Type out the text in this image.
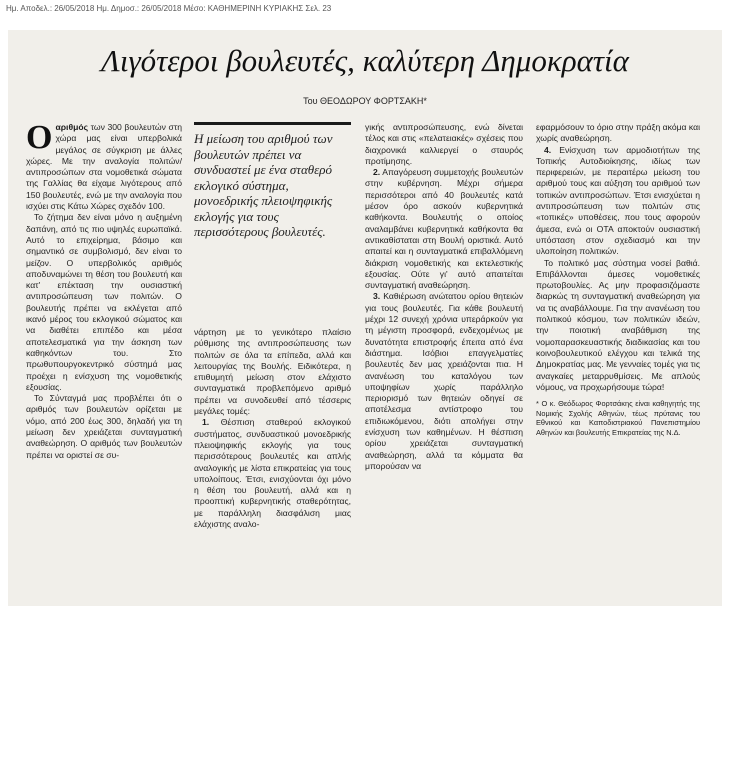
Ημ. Αποδελ.: 26/05/2018 Ημ. Δημοσ.: 26/05/2018 Μέσο: ΚΑΘΗΜΕΡΙΝΗ ΚΥΡΙΑΚΗΣ Σελ. 23
Λιγότεροι βουλευτές, καλύτερη Δημοκρατία
Του ΘΕΟΔΩΡΟΥ ΦΟΡΤΣΑΚΗ*

Οαριθμός των 300 βουλευτών στη χώρα μας είναι υπερβολικά μεγάλος σε σύγκριση με άλλες χώρες. Με την αναλογία πολιτών/αντιπροσώπων στα νομοθετικά σώματα της Γαλλίας θα είχαμε λιγότερους από 150 βουλευτές, ενώ με την αναλογία που ισχύει στις Κάτω Χώρες σχεδόν 100.

Το ζήτημα δεν είναι μόνο η αυξημένη δαπάνη, από τις πιο υψηλές ευρωπαϊκά. Αυτό το επιχείρημα, βάσιμο και σημαντικό σε συμβολισμό, δεν είναι το μείζον. Ο υπερβολικός αριθμός αποδυναμώνει τη θέση του βουλευτή και κατ' επέκταση την ουσιαστική αντιπροσώπευση των πολιτών. Ο βουλευτής πρέπει να εκλέγεται από ικανό μέρος του εκλογικού σώματος και να διαθέτει επιπέδο και μέσα αποτελεσματικά για την άσκηση των καθηκόντων του. Στο πρωθυπουργοκεντρικό σύστημά μας προέχει η ενίσχυση της νομοθετικής εξουσίας.

Το Σύνταγμά μας προβλέπει ότι ο αριθμός των βουλευτών ορίζεται με νόμο, από 200 έως 300, δηλαδή για τη μείωση δεν χρειάζεται συνταγματική αναθεώρηση. Ο αριθμός των βουλευτών πρέπει να οριστεί σε συ-

Η μείωση του αριθμού των βουλευτών πρέπει να συνδυαστεί με ένα σταθερό εκλογικό σύστημα, μονοεδρικής πλειοψηφικής εκλογής για τους περισσότερους βουλευτές.

νάρτηση με το γενικότερο πλαίσιο ρύθμισης της αντιπροσώπευσης των πολιτών σε όλα τα επίπεδα, αλλά και λειτουργίας της Βουλής. Ειδικότερα, η επιθυμητή μείωση στον ελάχιστο συνταγματικά προβλεπόμενο αριθμό πρέπει να συνοδευθεί από τέσσερις μεγάλες τομές:

1. Θέσπιση σταθερού εκλογικού συστήματος, συνδυαστικού μονοεδρικής πλειοψηφικής εκλογής για τους περισσότερους βουλευτές και απλής αναλογικής με λίστα επικρατείας για τους υπολοίπους. Έτσι, ενισχύονται όχι μόνο η θέση του βουλευτή, αλλά και η προοπτική κυβερνητικής σταθερότητας, με παράλληλη διασφάλιση μιας ελάχιστης αναλο-

γικής αντιπροσώπευσης, ενώ δίνεται τέλος και στις «πελατειακές» σχέσεις που διαχρονικά καλλιεργεί ο σταυρός προτίμησης.

2. Απαγόρευση συμμετοχής βουλευτών στην κυβέρνηση. Μέχρι σήμερα περισσότεροι από 40 βουλευτές κατά μέσον όρο ασκούν κυβερνητικά καθήκοντα. Βουλευτής ο οποίος αναλαμβάνει κυβερνητικά καθήκοντα θα αντικαθίσταται στη Βουλή οριστικά. Αυτό απαιτεί και η συνταγματικά επιβαλλόμενη διάκριση νομοθετικής και εκτελεστικής εξουσίας. Ούτε γι' αυτό απαιτείται συνταγματική αναθεώρηση.

3. Καθιέρωση ανώτατου ορίου θητειών για τους βουλευτές. Για κάθε βουλευτή μέχρι 12 συνεχή χρόνια υπεράρκούν για τη μέγιστη προσφορά, ενδεχομένως με δυνατότητα επιστροφής έπειτα από ένα διάστημα. Ισόβιοι επαγγελματίες βουλευτές δεν μας χρειάζονται πια. Η ανανέωση του καταλόγου των υποψηφίων χωρίς παράλληλο περιορισμό των θητειών οδηγεί σε αποτέλεσμα αντίστροφο του επιδιωκόμενου, διότι απολήγει στην ενίσχυση των καθημένων. Η θέσπιση ορίου χρειάζεται συνταγματική αναθεώρηση, αλλά τα κόμματα θα μπορούσαν να

εφαρμόσουν το όριο στην πράξη ακόμα και χωρίς αναθεώρηση.

4. Ενίσχυση των αρμοδιοτήτων της Τοπικής Αυτοδιοίκησης, ιδίως των περιφερειών, με περαιτέρω μείωση του αριθμού τους και αύξηση του αριθμού των τοπικών αντιπροσώπων. Έτσι ενισχύεται η αντιπροσώπευση των πολιτών στις «τοπικές» υποθέσεις, που τους αφορούν άμεσα, ενώ οι ΟΤΑ αποκτούν ουσιαστική υπόσταση στον σχεδιασμό και την υλοποίηση πολιτικών.

Το πολιτικό μας σύστημα νοσεί βαθιά. Επιβάλλονται άμεσες νομοθετικές πρωτοβουλίες. Ας μην προφασιζόμαστε διαρκώς τη συνταγματική αναθεώρηση για να τις αναβάλλουμε. Για την ανανέωση του πολιτικού κόσμου, των πολιτικών ιδεών, την ποιοτική αναβάθμιση της νομοπαρασκευαστικής διαδικασίας και του κοινοβουλευτικού ελέγχου και τελικά της Δημοκρατίας μας. Με γενναίες τομές για τις αναγκαίες μεταρρυθμίσεις. Με απλούς νόμους, να προχωρήσουμε τώρα!

* Ο κ. Θεόδωρος Φορτσάκης είναι καθηγητής της Νομικής Σχολής Αθηνών, τέως πρύτανις του Εθνικού και Καποδιστριακού Πανεπιστημίου Αθηνών και βουλευτής Επικρατείας της Ν.Δ.
